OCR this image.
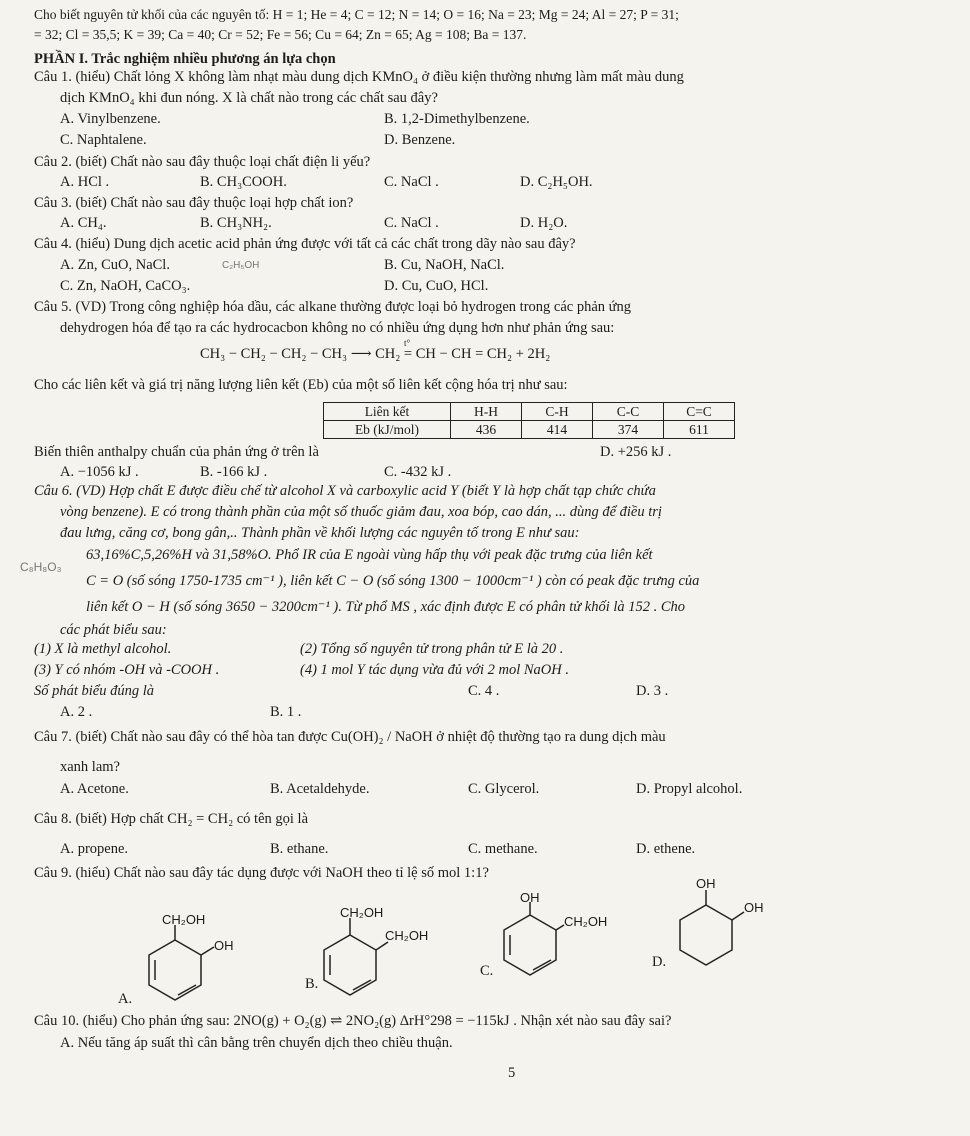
Cho biết nguyên tử khối của các nguyên tố: H = 1; He = 4; C = 12; N = 14; O = 16; Na = 23; Mg = 24; Al = 27; P = 31;
= 32; Cl = 35,5; K = 39; Ca = 40; Cr = 52; Fe = 56; Cu = 64; Zn = 65; Ag = 108; Ba = 137.
PHẦN I. Trắc nghiệm nhiều phương án lựa chọn
Câu 1. (hiểu) Chất lỏng X không làm nhạt màu dung dịch KMnO₄ ở điều kiện thường nhưng làm mất màu dung
dịch KMnO₄ khi đun nóng. X là chất nào trong các chất sau đây?
A. Vinylbenzene.	B. 1,2-Dimethylbenzene.
C. Naphtalene.	D. Benzene.
Câu 2. (biết) Chất nào sau đây thuộc loại chất điện li yếu?
A. HCl .	B. CH₃COOH.	C. NaCl .	D. C₂H₅OH.
Câu 3. (biết) Chất nào sau đây thuộc loại hợp chất ion?
A. CH₄.	B. CH₃NH₂.	C. NaCl .	D. H₂O.
Câu 4. (hiểu) Dung dịch acetic acid phản ứng được với tất cả các chất trong dãy nào sau đây?
A. Zn, CuO, NaCl.	C₂H₅OH	B. Cu, NaOH, NaCl.
C. Zn, NaOH, CaCO₃.	D. Cu, CuO, HCl.
Câu 5. (VD) Trong công nghiệp hóa dầu, các alkane thường được loại bỏ hydrogen trong các phản ứng
dehydrogen hóa để tạo ra các hydrocacbon không no có nhiều ứng dụng hơn như phản ứng sau:
CH₃ − CH₂ − CH₂ − CH₃ ⟶ CH₂ = CH − CH = CH₂ + 2H₂
t°
Cho các liên kết và giá trị năng lượng liên kết (Eb) của một số liên kết cộng hóa trị như sau:
Liên kết	H-H	C-H	C-C	C=C
Eb (kJ/mol)	436	414	374	611
Biến thiên anthalpy chuẩn của phản ứng ở trên là
A. −1056 kJ .	B. -166 kJ .	C. -432 kJ .
D. +256 kJ .
Câu 6. (VD) Hợp chất E được điều chế từ alcohol X và carboxylic acid Y (biết Y là hợp chất tạp chức chứa
vòng benzene). E có trong thành phần của một số thuốc giảm đau, xoa bóp, cao dán, ... dùng để điều trị
đau lưng, căng cơ, bong gân,.. Thành phần về khối lượng các nguyên tố trong E như sau:
C₈H₈O₃
63,16%C,5,26%H và 31,58%O. Phổ IR của E ngoài vùng hấp thụ với peak đặc trưng của liên kết
C = O (số sóng 1750-1735 cm⁻¹ ), liên kết C − O (số sóng 1300 − 1000cm⁻¹ ) còn có peak đặc trưng của
liên kết O − H (số sóng 3650 − 3200cm⁻¹ ). Từ phổ MS , xác định được E có phân tử khối là 152 . Cho
các phát biểu sau:
(1) X là methyl alcohol.	(2) Tổng số nguyên tử trong phân tử E là 20 .
(3) Y có nhóm -OH và -COOH .	(4) 1 mol Y tác dụng vừa đủ với 2 mol NaOH .
Số phát biểu đúng là
A. 2 .	B. 1 .
C. 4 .	D. 3 .
Câu 7. (biết) Chất nào sau đây có thể hòa tan được Cu(OH)₂ / NaOH ở nhiệt độ thường tạo ra dung dịch màu
xanh lam?
A. Acetone.	B. Acetaldehyde.	C. Glycerol.	D. Propyl alcohol.
Câu 8. (biết) Hợp chất CH₂ = CH₂ có tên gọi là
A. propene.	B. ethane.	C. methane.	D. ethene.
Câu 9. (hiểu) Chất nào sau đây tác dụng được với NaOH theo tỉ lệ số mol 1:1?
CH₂OH
OH
CH₂OH
CH₂OH
OH
CH₂OH
OH
OH
A.
B.
C.
D.
Câu 10. (hiểu) Cho phản ứng sau: 2NO(g) + O₂(g) ⇌ 2NO₂(g) ΔrH°298 = −115kJ . Nhận xét nào sau đây sai?
A. Nếu tăng áp suất thì cân bằng trên chuyển dịch theo chiều thuận.
5
